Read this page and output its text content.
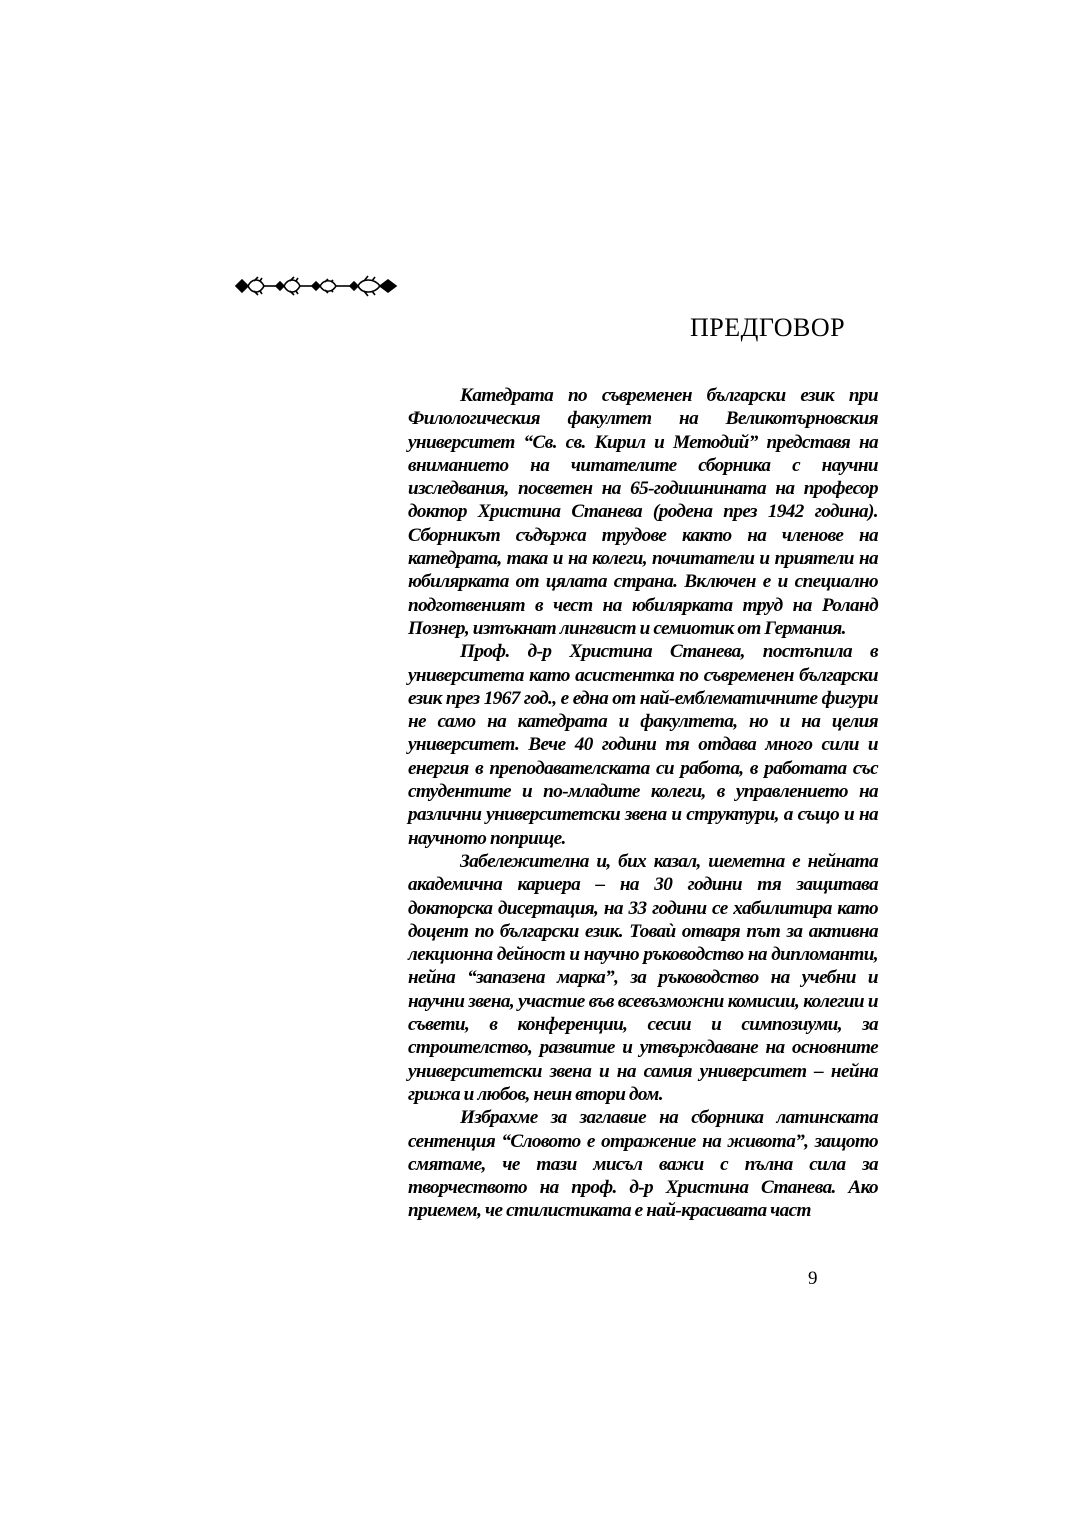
ПРЕДГОВОР

Катедрата по съвременен български език при Филологическия факултет на Великотърновския университет “Св. св. Кирил и Методий” представя на вниманието на читателите сборника с научни изследвания, посветен на 65-годишнината на професор доктор Христина Станева (родена през 1942 година). Сборникът съдържа трудове както на членове на катедрата, така и на колеги, почитатели и приятели на юбилярката от цялата страна. Включен е и специално подготвеният в чест на юбилярката труд на Роланд Познер, изтъкнат лингвист и семиотик от Германия.

Проф. д-р Христина Станева, постъпила в университета като асистентка по съвременен български език през 1967 год., е една от най-емблематичните фигури не само на катедрата и факултета, но и на целия университет. Вече 40 години тя отдава много сили и енергия в преподавателската си работа, в работата със студентите и по-младите колеги, в управлението на различни университетски звена и структури, а също и на научното поприще.

Забележителна и, бих казал, шеметна е нейната академична кариера – на 30 години тя защитава докторска дисертация, на 33 години се хабилитира като доцент по български език. Товаѝ отваря път за активна лекционна дейност и научно ръководство на дипломанти, нейна “запазена марка”, за ръководство на учебни и научни звена, участие във всевъзможни комисии, колегии и съвети, в конференции, сесии и симпозиуми, за строителство, развитие и утвърждаване на основните университетски звена и на самия университет – нейна грижа и любов, неин втори дом.

Избрахме за заглавие на сборника латинската сентенция “Словото е отражение на живота”, защото смятаме, че тази мисъл важи с пълна сила за творчеството на проф. д-р Христина Станева. Ако приемем, че стилистиката е най-красивата част

9
